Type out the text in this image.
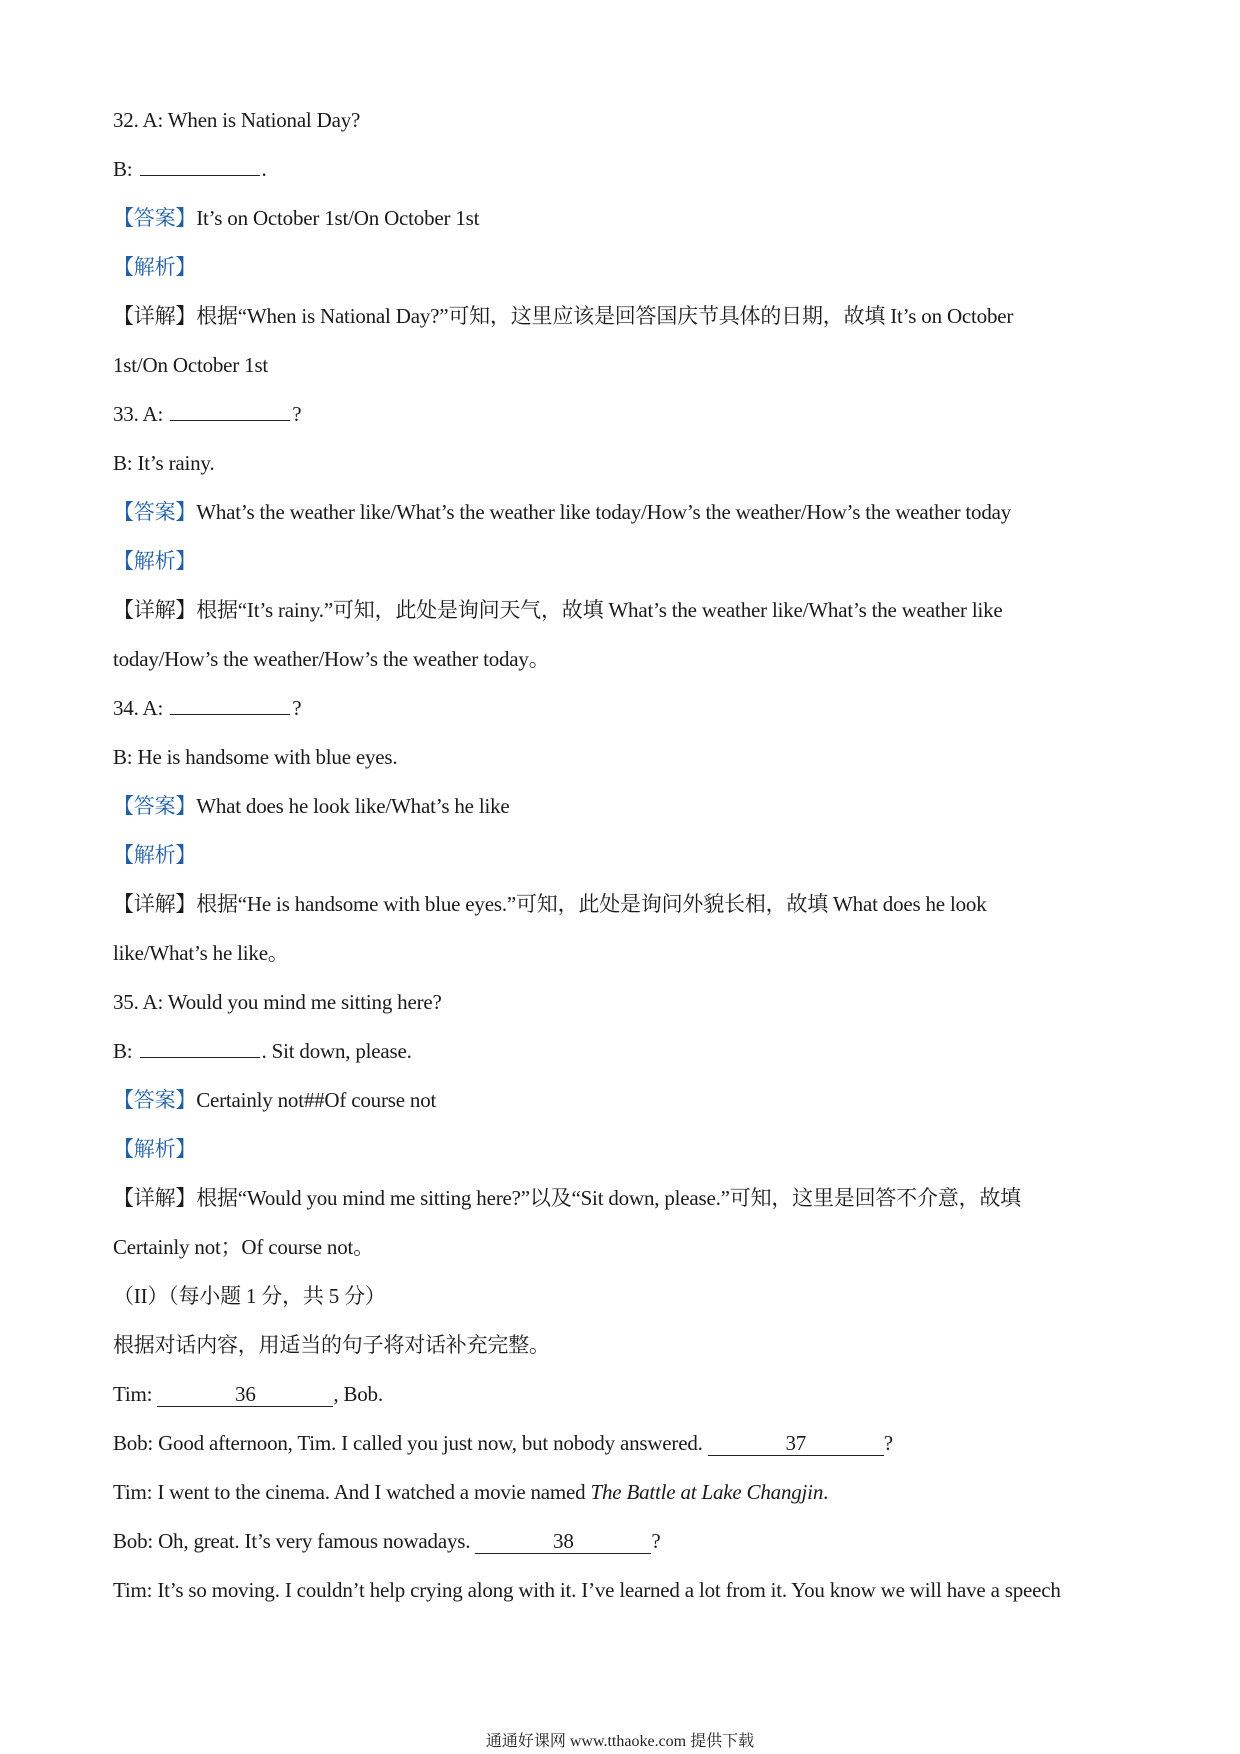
32. A: When is National Day?
B:	.
【答案】It’s on October 1st/On October 1st
【解析】
【详解】根据“When is National Day?”可知，这里应该是回答国庆节具体的日期，故填 It’s on October
1st/On October 1st
33. A:	?
B: It’s rainy.
【答案】What’s the weather like/What’s the weather like today/How’s the weather/How’s the weather today
【解析】
【详解】根据“It’s rainy.”可知，此处是询问天气，故填 What’s the weather like/What’s the weather like
today/How’s the weather/How’s the weather today。
34. A:	?
B: He is handsome with blue eyes.
【答案】What does he look like/What’s he like
【解析】
【详解】根据“He is handsome with blue eyes.”可知，此处是询问外貌长相，故填 What does he look
like/What’s he like。
35. A: Would you mind me sitting here?
B:	. Sit down, please.
【答案】Certainly not##Of course not
【解析】
【详解】根据“Would you mind me sitting here?”以及“Sit down, please.”可知，这里是回答不介意，故填
Certainly not；Of course not。
（II）（每小题 1 分，共 5 分）
根据对话内容，用适当的句子将对话补充完整。
Tim:	36	, Bob.
Bob: Good afternoon, Tim. I called you just now, but nobody answered.	37	?
Tim: I went to the cinema. And I watched a movie named The Battle at Lake Changjin.
Bob: Oh, great. It’s very famous nowadays.	38	?
Tim: It’s so moving. I couldn’t help crying along with it. I’ve learned a lot from it. You know we will have a speech
通通好课网 www.tthaoke.com 提供下载
